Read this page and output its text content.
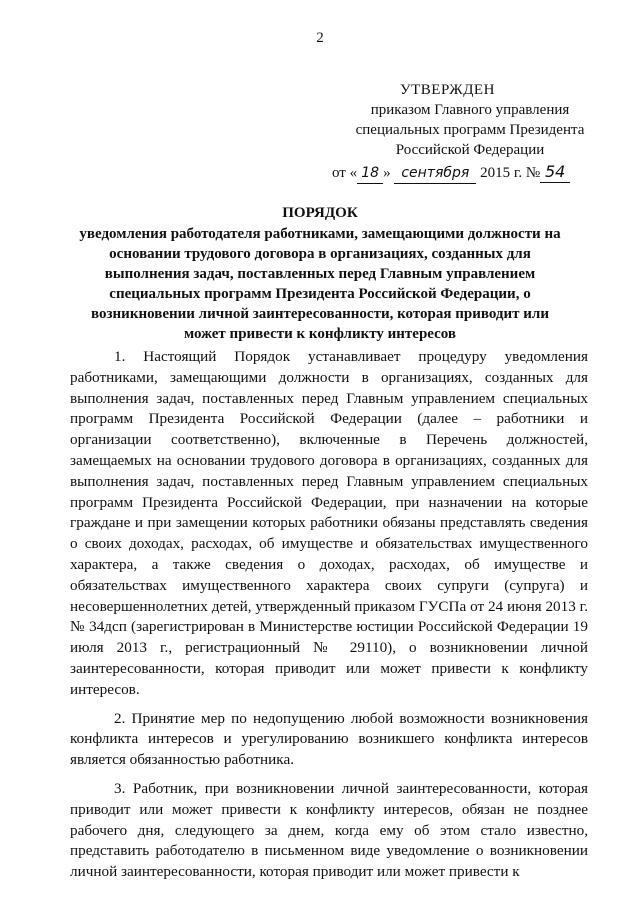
2
УТВЕРЖДЕН
приказом Главного управления
специальных программ Президента
Российской Федерации
от « 18 » сентября 2015 г. № 54
ПОРЯДОК
уведомления работодателя работниками, замещающими должности на основании трудового договора в организациях, созданных для выполнения задач, поставленных перед Главным управлением специальных программ Президента Российской Федерации, о возникновении личной заинтересованности, которая приводит или может привести к конфликту интересов

1. Настоящий Порядок устанавливает процедуру уведомления работниками, замещающими должности в организациях, созданных для выполнения задач, поставленных перед Главным управлением специальных программ Президента Российской Федерации (далее – работники и организации соответственно), включенные в Перечень должностей, замещаемых на основании трудового договора в организациях, созданных для выполнения задач, поставленных перед Главным управлением специальных программ Президента Российской Федерации, при назначении на которые граждане и при замещении которых работники обязаны представлять сведения о своих доходах, расходах, об имуществе и обязательствах имущественного характера, а также сведения о доходах, расходах, об имуществе и обязательствах имущественного характера своих супруги (супруга) и несовершеннолетних детей, утвержденный приказом ГУСПа от 24 июня 2013 г. № 34дсп (зарегистрирован в Министерстве юстиции Российской Федерации 19 июля 2013 г., регистрационный № 29110), о возникновении личной заинтересованности, которая приводит или может привести к конфликту интересов.

2. Принятие мер по недопущению любой возможности возникновения конфликта интересов и урегулированию возникшего конфликта интересов является обязанностью работника.

3. Работник, при возникновении личной заинтересованности, которая приводит или может привести к конфликту интересов, обязан не позднее рабочего дня, следующего за днем, когда ему об этом стало известно, представить работодателю в письменном виде уведомление о возникновении личной заинтересованности, которая приводит или может привести к
